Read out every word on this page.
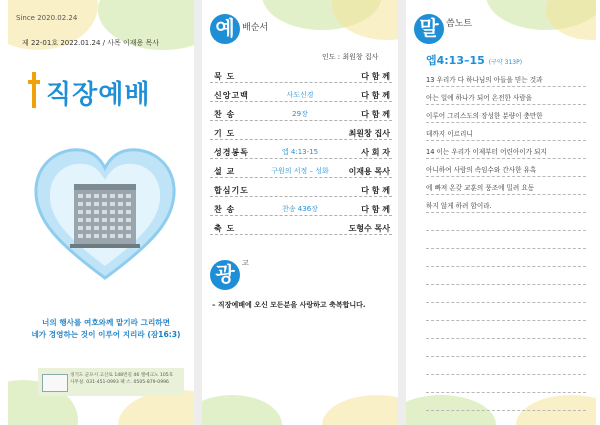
Since 2020.02.24
제 22-01호 2022.01.24 / 사목 이재용 목사
직장예배
너의 행사를 여호와께 맡기라 그리하면
네가 경영하는 것이 이루어 지리라 (잠16:3)
경기도 군포시 고산로 148번길 46 엘에크노 105호
사무실. 031-451-0993 팩 스. 0505-879-0996
예 배순서
인도 : 최원창 집사
묵 도	다 함 께
신앙고백	사도신경	다 함 께
찬 송	29장	다 함 께
기 도	최원창 집사
성경봉독	엡 4:13-15	사 회 자
설 교	구원의 서정 – 성화	이재용 목사
합심기도	다 함 께
찬 송	찬송 436장	다 함 께
축 도	도형수 목사
광	고
– 직장예배에 오신 모든분을 사랑하고 축복합니다.
말 씀노트
엡4:13–15 (구약 313P)
13 우리가 다 하나님의 아들을 믿는 것과
아는 일에 하나가 되어 온전한 사람을
이루어 그리스도의 장성한 분량이 충만한
데까지 이르리니
14 이는 우리가 이제부터 어린아이가 되지
아니하여 사람의 속임수와 간사한 유혹
에 빠져 온갖 교훈의 풍조에 밀려 요동
하지 않게 하려 함이라.
